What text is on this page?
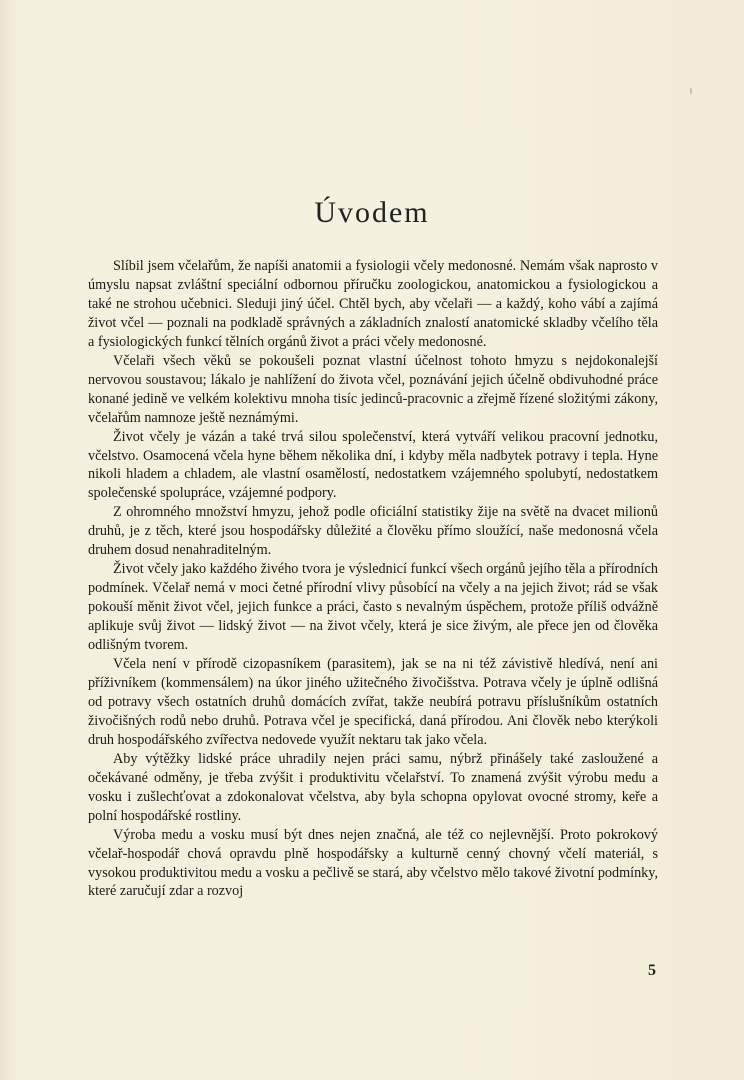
Úvodem

Slíbil jsem včelařům, že napíši anatomii a fysiologii včely medonosné. Nemám však naprosto v úmyslu napsat zvláštní speciální odbornou příručku zoologickou, anatomickou a fysiologickou a také ne strohou učebnici. Sleduji jiný účel. Chtěl bych, aby včelaři — a každý, koho vábí a zajímá život včel — poznali na podkladě správných a základních znalostí anatomické skladby včelího těla a fysiologických funkcí tělních orgánů život a práci včely medonosné.

Včelaři všech věků se pokoušeli poznat vlastní účelnost tohoto hmyzu s nejdokonalejší nervovou soustavou; lákalo je nahlížení do života včel, poznávání jejich účelně obdivuhodné práce konané jedině ve velkém kolektivu mnoha tisíc jedinců-pracovnic a zřejmě řízené složitými zákony, včelařům namnoze ještě neznámými.

Život včely je vázán a také trvá silou společenství, která vytváří velikou pracovní jednotku, včelstvo. Osamocená včela hyne během několika dní, i kdyby měla nadbytek potravy i tepla. Hyne nikoli hladem a chladem, ale vlastní osamělostí, nedostatkem vzájemného spolubytí, nedostatkem společenské spolupráce, vzájemné podpory.

Z ohromného množství hmyzu, jehož podle oficiální statistiky žije na světě na dvacet milionů druhů, je z těch, které jsou hospodářsky důležité a člověku přímo sloužící, naše medonosná včela druhem dosud nenahraditelným.

Život včely jako každého živého tvora je výslednicí funkcí všech orgánů jejího těla a přírodních podmínek. Včelař nemá v moci četné přírodní vlivy působící na včely a na jejich život; rád se však pokouší měnit život včel, jejich funkce a práci, často s nevalným úspěchem, protože příliš odvážně aplikuje svůj život — lidský život — na život včely, která je sice živým, ale přece jen od člověka odlišným tvorem.

Včela není v přírodě cizopasníkem (parasitem), jak se na ni též závistivě hledívá, není ani příživníkem (kommensálem) na úkor jiného užitečného živočišstva. Potrava včely je úplně odlišná od potravy všech ostatních druhů domácích zvířat, takže neubírá potravu příslušníkům ostatních živočišných rodů nebo druhů. Potrava včel je specifická, daná přírodou. Ani člověk nebo kterýkoli druh hospodářského zvířectva nedovede využít nektaru tak jako včela.

Aby výtěžky lidské práce uhradily nejen práci samu, nýbrž přinášely také zasloužené a očekávané odměny, je třeba zvýšit i produktivitu včelařství. To znamená zvýšit výrobu medu a vosku i zušlechťovat a zdokonalovat včelstva, aby byla schopna opylovat ovocné stromy, keře a polní hospodářské rostliny.

Výroba medu a vosku musí být dnes nejen značná, ale též co nejlevnější. Proto pokrokový včelař-hospodář chová opravdu plně hospodářsky a kulturně cenný chovný včelí materiál, s vysokou produktivitou medu a vosku a pečlivě se stará, aby včelstvo mělo takové životní podmínky, které zaručují zdar a rozvoj

5
